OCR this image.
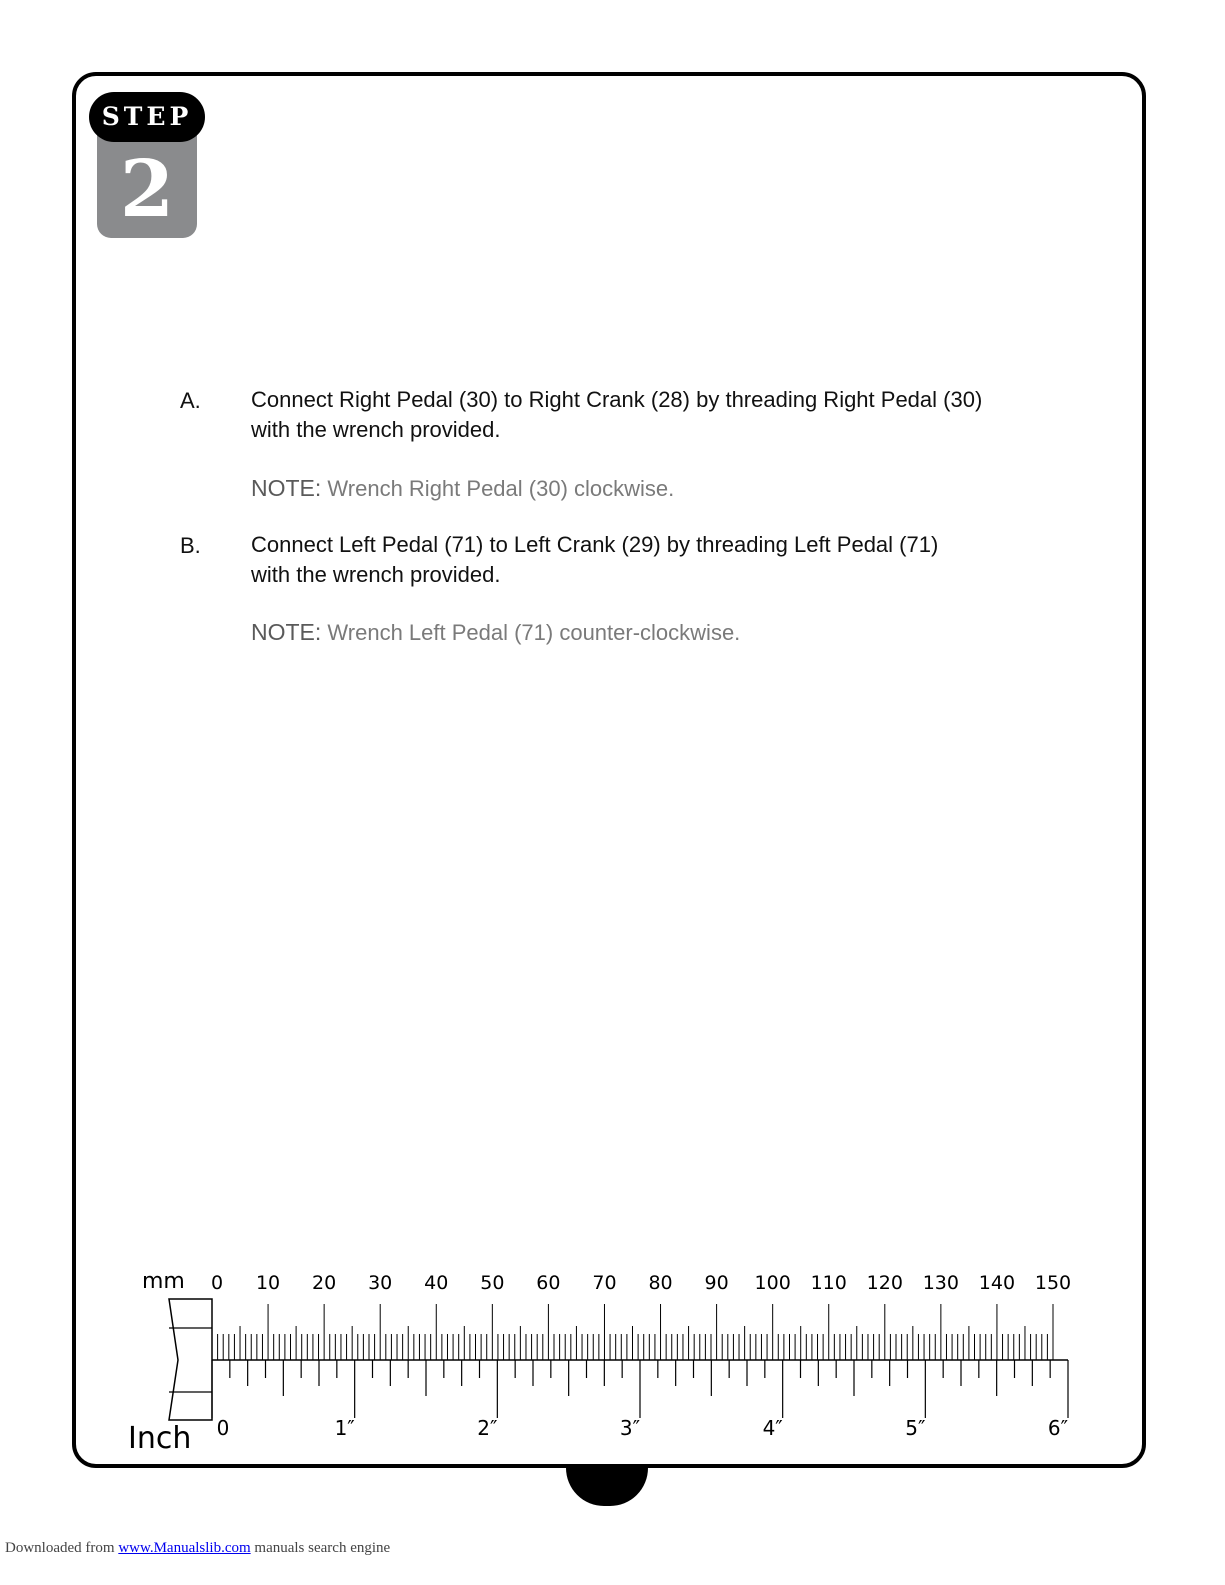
STEP
2
A. Connect Right Pedal (30) to Right Crank (28) by threading Right Pedal (30)
with the wrench provided.
NOTE: Wrench Right Pedal (30) clockwise.
B. Connect Left Pedal (71) to Left Crank (29) by threading Left Pedal (71)
with the wrench provided.
NOTE: Wrench Left Pedal (71) counter-clockwise.
mm
Inch
0 10 20 30 40 50 60 70 80 90 100 110 120 130 140 150
0	1″	2″	3″	4″	5″	6″
Downloaded from www.Manualslib.com manuals search engine
